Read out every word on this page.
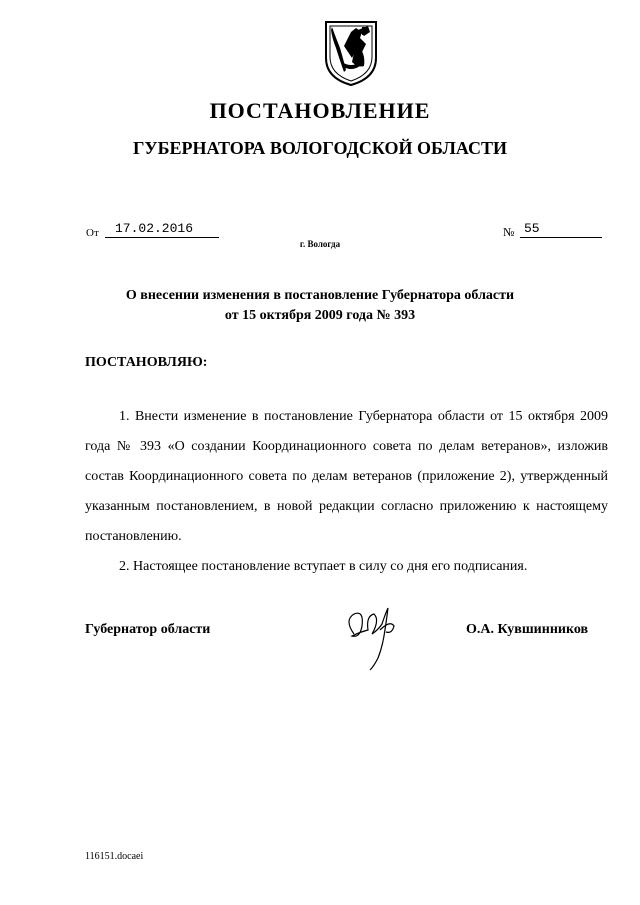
ПОСТАНОВЛЕНИЕ
ГУБЕРНАТОРА ВОЛОГОДСКОЙ ОБЛАСТИ
От	17.02.2016	№ 55
г. Вологда
О внесении изменения в постановление Губернатора области
от 15 октября 2009 года № 393
ПОСТАНОВЛЯЮ:

1. Внести изменение в постановление Губернатора области от 15 октября 2009 года № 393 «О создании Координационного совета по делам ветеранов», изложив состав Координационного совета по делам ветеранов (приложение 2), утвержденный указанным постановлением, в новой редакции согласно приложению к настоящему постановлению.

2. Настоящее постановление вступает в силу со дня его подписания.

Губернатор области	О.А. Кувшинников
116151.docaei
